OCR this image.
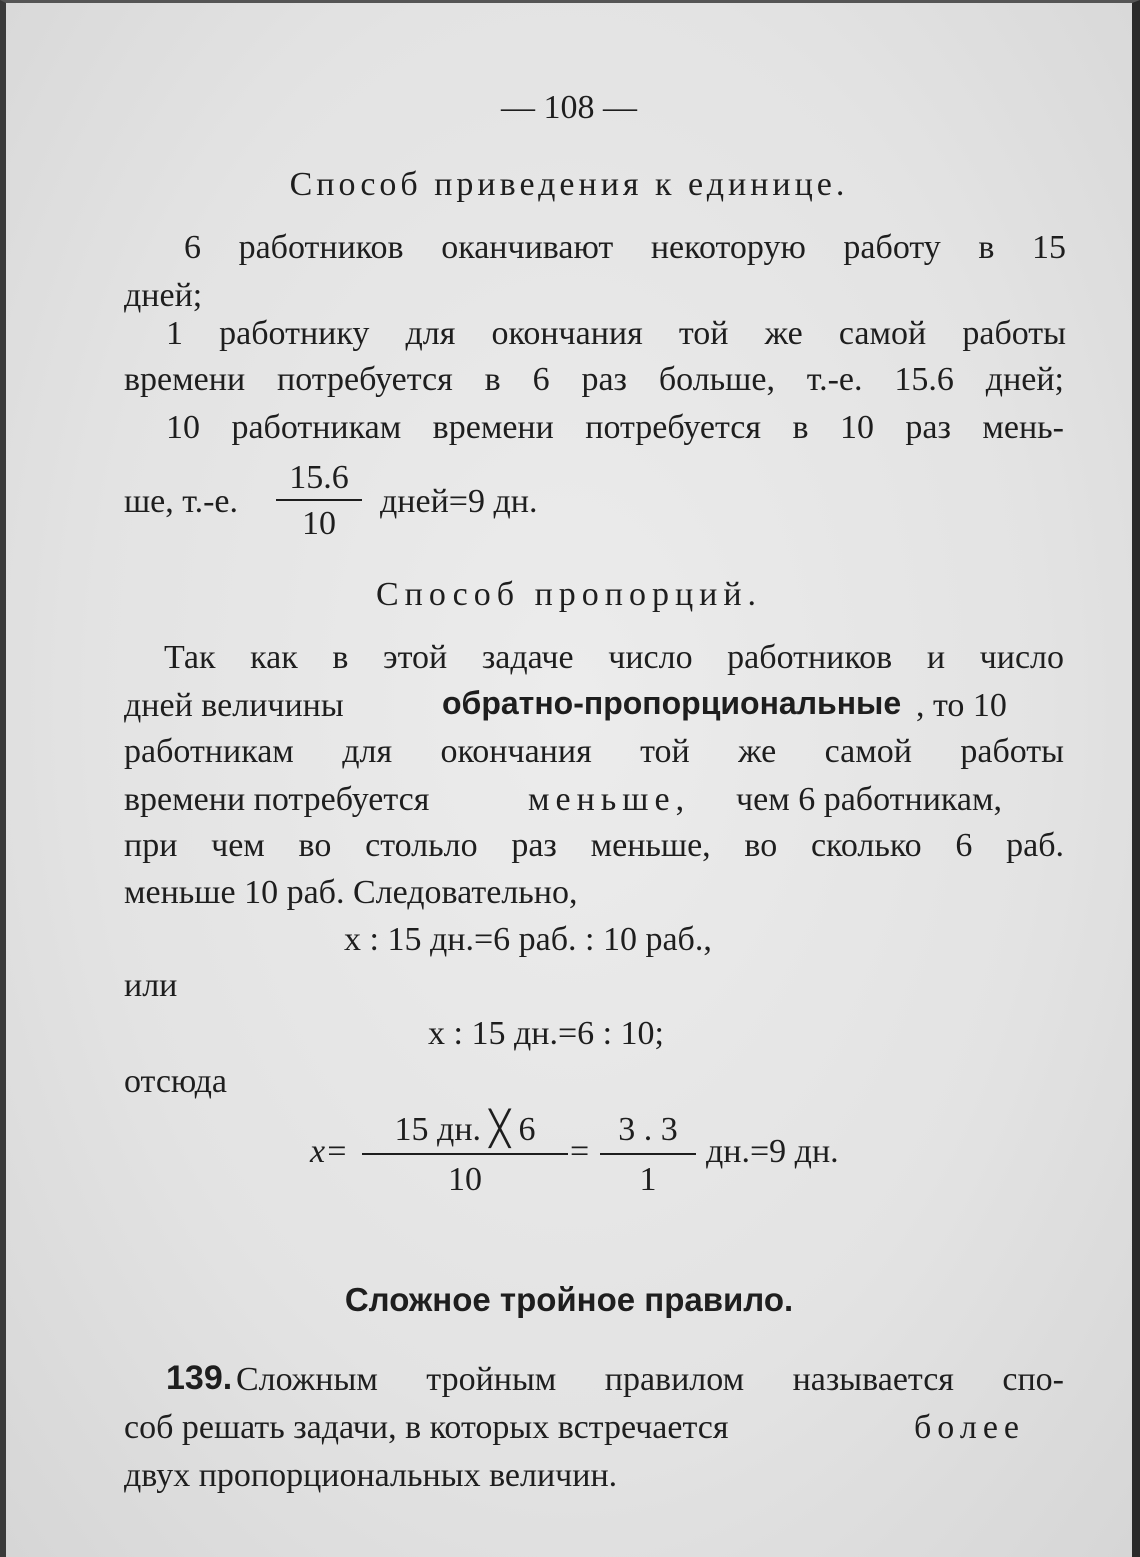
— 108 —
Способ приведения к единице.
6 работников оканчивают некоторую работу в 15
дней;
1 работнику для окончания той же самой работы
времени потребуется в 6 раз больше, т.-е. 15.6 дней;
10 работникам времени потребуется в 10 раз мень-
ше, т.-е. $\frac{15.6}{10}$ дней=9 дн.
Способ пропорций.
Так как в этой задаче число работников и число
дней величины	обратно-пропорциональные , то 10
работникам для окончания той же самой работы
времени потребуется	меньше, чем 6 работникам,
при чем во стольло раз меньше, во сколько 6 раб.
меньше 10 раб. Следовательно,
x : 15 дн.=6 раб. : 10 раб.,
или
x : 15 дн.=6 : 10;
отсюда
x=
15 дн. ╳ 6
10
= $\frac{3 . 3}{1} дн.=9$ дн.
Сложное тройное правило.
139. Сложным тройным правилом называется спо-
соб решать задачи, в которых встречается	более
двух пропорциональных величин.
